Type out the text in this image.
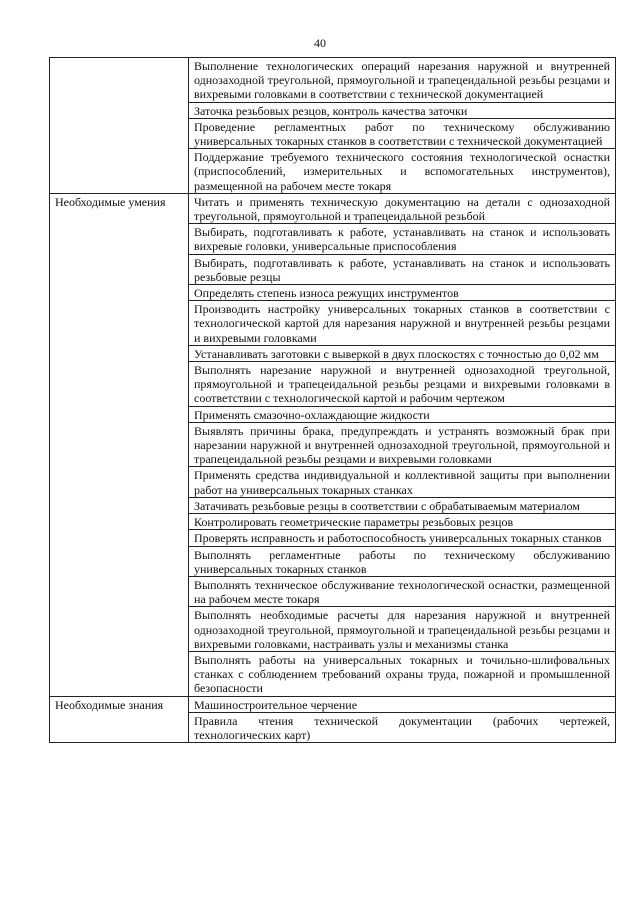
40
	Выполнение технологических операций нарезания наружной и внутренней однозаходной треугольной, прямоугольной и трапецеидальной резьбы резцами и вихревыми головками в соответствии с технической документацией
	Заточка резьбовых резцов, контроль качества заточки
	Проведение регламентных работ по техническому обслуживанию универсальных токарных станков в соответствии с технической документацией
	Поддержание требуемого технического состояния технологической оснастки (приспособлений, измерительных и вспомогательных инструментов), размещенной на рабочем месте токаря
Необходимые умения	Читать и применять техническую документацию на детали с однозаходной треугольной, прямоугольной и трапецеидальной резьбой
	Выбирать, подготавливать к работе, устанавливать на станок и использовать вихревые головки, универсальные приспособления
	Выбирать, подготавливать к работе, устанавливать на станок и использовать резьбовые резцы
	Определять степень износа режущих инструментов
	Производить настройку универсальных токарных станков в соответствии с технологической картой для нарезания наружной и внутренней резьбы резцами и вихревыми головками
	Устанавливать заготовки с выверкой в двух плоскостях с точностью до 0,02 мм
	Выполнять нарезание наружной и внутренней однозаходной треугольной, прямоугольной и трапецеидальной резьбы резцами и вихревыми головками в соответствии с технологической картой и рабочим чертежом
	Применять смазочно-охлаждающие жидкости
	Выявлять причины брака, предупреждать и устранять возможный брак при нарезании наружной и внутренней однозаходной треугольной, прямоугольной и трапецеидальной резьбы резцами и вихревыми головками
	Применять средства индивидуальной и коллективной защиты при выполнении работ на универсальных токарных станках
	Затачивать резьбовые резцы в соответствии с обрабатываемым материалом
	Контролировать геометрические параметры резьбовых резцов
	Проверять исправность и работоспособность универсальных токарных станков
	Выполнять регламентные работы по техническому обслуживанию универсальных токарных станков
	Выполнять техническое обслуживание технологической оснастки, размещенной на рабочем месте токаря
	Выполнять необходимые расчеты для нарезания наружной и внутренней однозаходной треугольной, прямоугольной и трапецеидальной резьбы резцами и вихревыми головками, настраивать узлы и механизмы станка
	Выполнять работы на универсальных токарных и точильно-шлифовальных станках с соблюдением требований охраны труда, пожарной и промышленной безопасности
Необходимые знания	Машиностроительное черчение
	Правила чтения технической документации (рабочих чертежей, технологических карт)
